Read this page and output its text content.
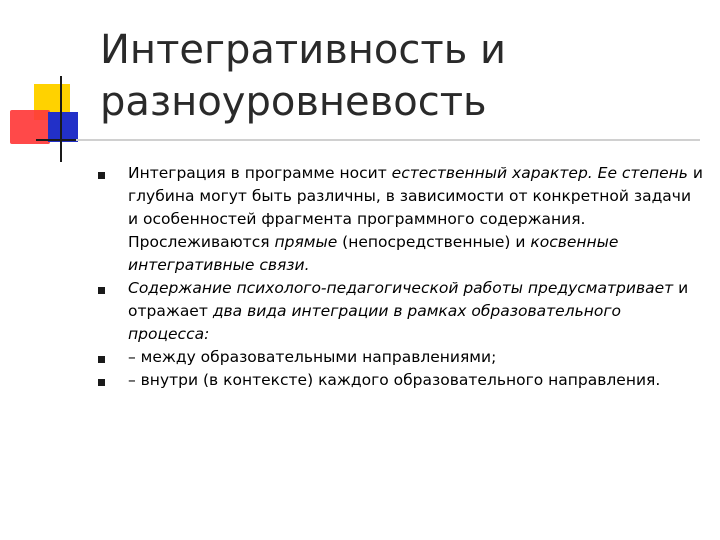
Интегративность и
разноуровневость
Интеграция в программе носит естественный характер. Ее степень и глубина могут быть различны, в зависимости от конкретной задачи и особенностей фрагмента программного содержания. Прослеживаются прямые (непосредственные) и косвенные интегративные связи.
Содержание психолого-педагогической работы предусматривает и отражает два вида интеграции в рамках образовательного процесса:
– между образовательными направлениями;
– внутри (в контексте) каждого образовательного направления.
